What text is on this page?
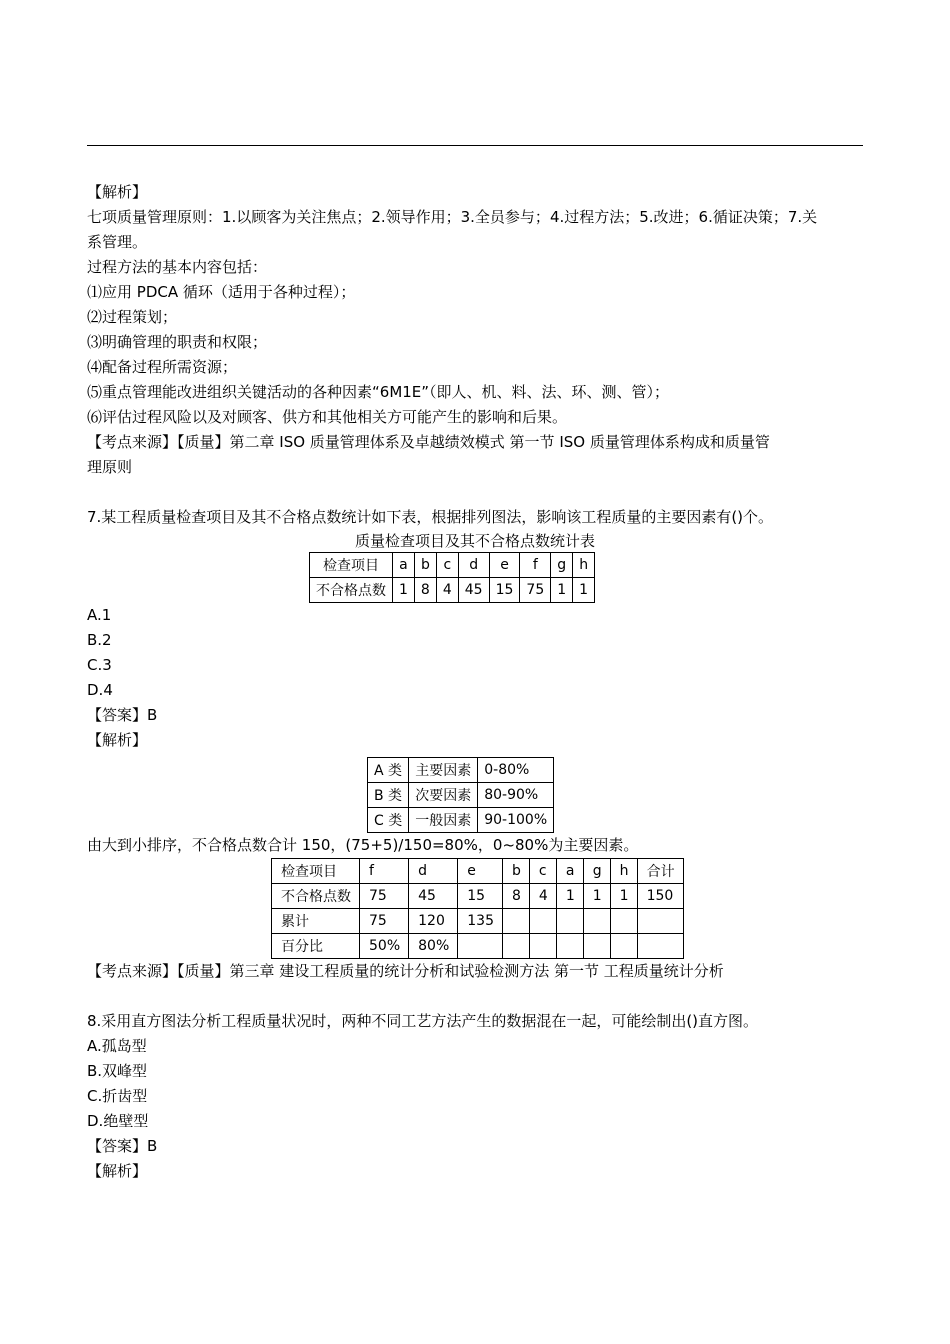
【解析】
七项质量管理原则：1.以顾客为关注焦点；2.领导作用；3.全员参与；4.过程方法；5.改进；6.循证决策；7.关
系管理。
过程方法的基本内容包括：
⑴应用 PDCA 循环（适用于各种过程）；
⑵过程策划；
⑶明确管理的职责和权限；
⑷配备过程所需资源；
⑸重点管理能改进组织关键活动的各种因素“6M1E”（即人、机、料、法、环、测、管）；
⑹评估过程风险以及对顾客、供方和其他相关方可能产生的影响和后果。
【考点来源】【质量】第二章 ISO 质量管理体系及卓越绩效模式 第一节 ISO 质量管理体系构成和质量管
理原则
7.某工程质量检查项目及其不合格点数统计如下表，根据排列图法，影响该工程质量的主要因素有()个。
质量检查项目及其不合格点数统计表
检查项目	a	b	c	d	e	f	g	h
不合格点数	1	8	4	45	15	75	1	1
A.1
B.2
C.3
D.4
【答案】B
【解析】
A 类	主要因素	0-80%
B 类	次要因素	80-90%
C 类	一般因素	90-100%
由大到小排序，不合格点数合计 150，(75+5)/150=80%，0~80%为主要因素。
检查项目	f	d	e	b	c	a	g	h	合计
不合格点数	75	45	15	8	4	1	1	1	150
累计	75	120	135						
百分比	50%	80%							
【考点来源】【质量】第三章 建设工程质量的统计分析和试验检测方法 第一节 工程质量统计分析
8.采用直方图法分析工程质量状况时，两种不同工艺方法产生的数据混在一起，可能绘制出()直方图。
A.孤岛型
B.双峰型
C.折齿型
D.绝壁型
【答案】B
【解析】
